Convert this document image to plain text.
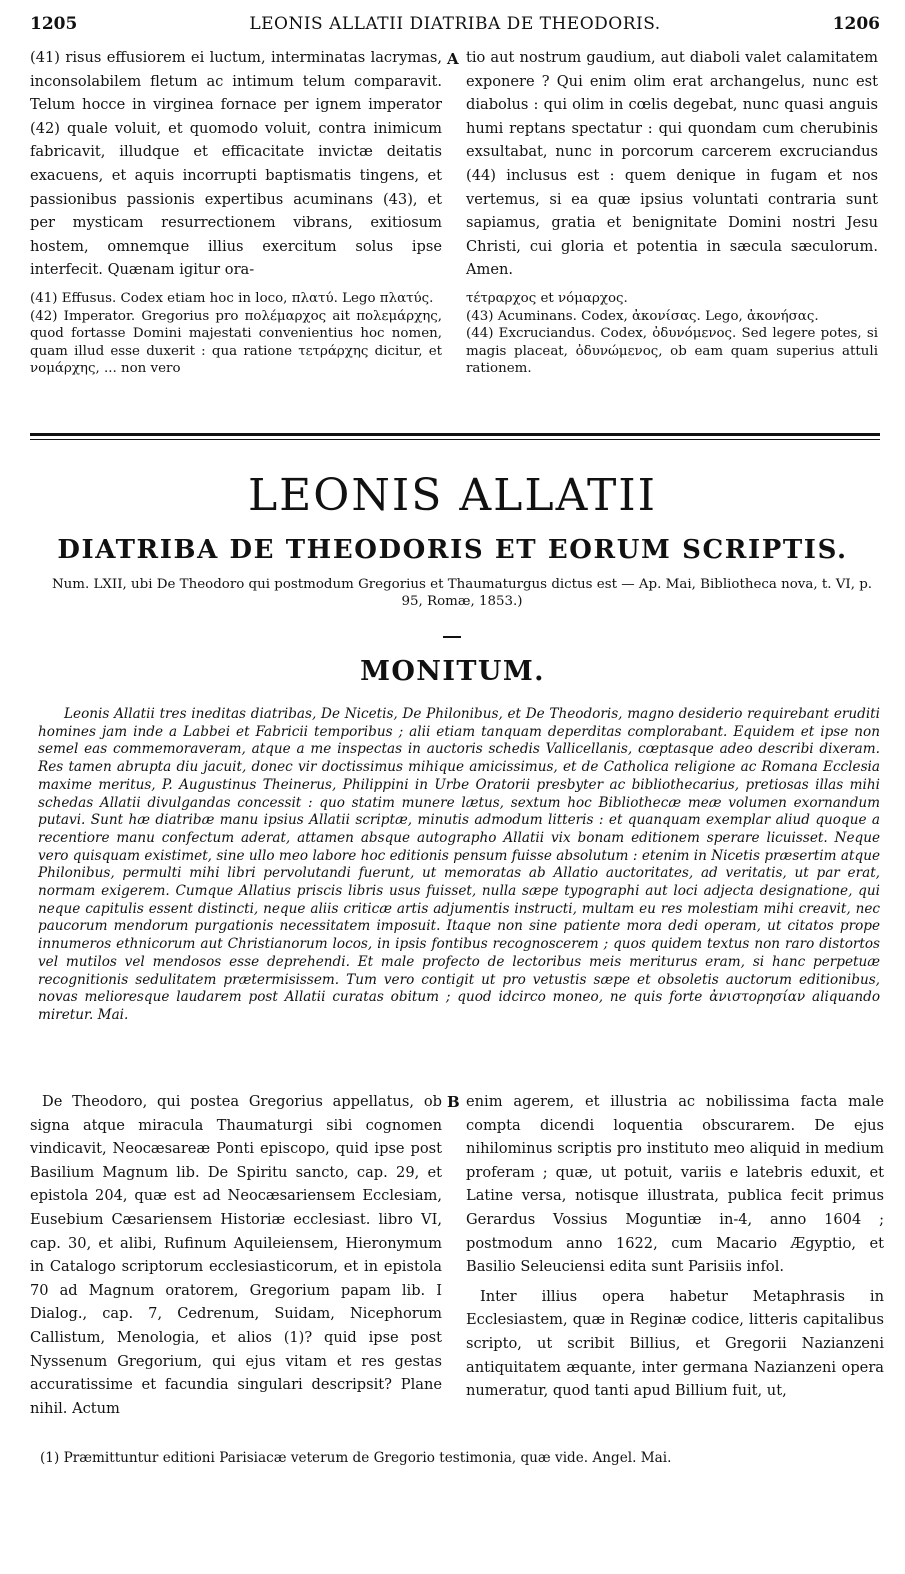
1205	LEONIS ALLATII DIATRIBA DE THEODORIS.	1206

(41) risus effusiorem ei luctum, interminatas lacrymas, inconsolabilem fletum ac intimum telum comparavit. Telum hocce in virginea fornace per ignem imperator (42) quale voluit, et quomodo voluit, contra inimicum fabricavit, illudque et efficacitate invictæ deitatis exacuens, et aquis incorrupti baptismatis tingens, et passionibus passionis expertibus acuminans (43), et per mysticam resurrectionem vibrans, exitiosum hostem, omnemque illius exercitum solus ipse interfecit. Quænam igitur ora-

(41) Effusus. Codex etiam hoc in loco, πλατύ. Lego πλατύς.

(42) Imperator. Gregorius pro πολέμαρχος ait πολεμάρχης, quod fortasse Domini majestati convenientius hoc nomen, quam illud esse duxerit : qua ratione τετράρχης dicitur, et νομάρχης, ... non vero

A tio aut nostrum gaudium, aut diaboli valet calamitatem exponere ? Qui enim olim erat archangelus, nunc est diabolus : qui olim in cœlis degebat, nunc quasi anguis humi reptans spectatur : qui quondam cum cherubinis exsultabat, nunc in porcorum carcerem excruciandus (44) inclusus est : quem denique in fugam et nos vertemus, si ea quæ ipsius voluntati contraria sunt sapiamus, gratia et benignitate Domini nostri Jesu Christi, cui gloria et potentia in sæcula sæculorum. Amen.

τέτραρχος et νόμαρχος.

(43) Acuminans. Codex, ἀκονίσας. Lego, ἀκονήσας.

(44) Excruciandus. Codex, ὀδυνόμενος. Sed legere potes, si magis placeat, ὀδυνώμενος, ob eam quam superius attuli rationem.

LEONIS ALLATII
DIATRIBA DE THEODORIS ET EORUM SCRIPTIS.
Num. LXII, ubi De Theodoro qui postmodum Gregorius et Thaumaturgus dictus est — Ap. Mai, Bibliotheca nova, t. VI, p. 95, Romæ, 1853.)
MONITUM.

Leonis Allatii tres ineditas diatribas, De Nicetis, De Philonibus, et De Theodoris, magno desiderio requirebant eruditi homines jam inde a Labbei et Fabricii temporibus ; alii etiam tanquam deperditas complorabant. Equidem et ipse non semel eas commemoraveram, atque a me inspectas in auctoris schedis Vallicellanis, cœptasque adeo describi dixeram. Res tamen abrupta diu jacuit, donec vir doctissimus mihique amicissimus, et de Catholica religione ac Romana Ecclesia maxime meritus, P. Augustinus Theinerus, Philippini in Urbe Oratorii presbyter ac bibliothecarius, pretiosas illas mihi schedas Allatii divulgandas concessit : quo statim munere lætus, sextum hoc Bibliothecæ meæ volumen exornandum putavi. Sunt hæ diatribæ manu ipsius Allatii scriptæ, minutis admodum litteris : et quanquam exemplar aliud quoque a recentiore manu confectum aderat, attamen absque autographo Allatii vix bonam editionem sperare licuisset. Neque vero quisquam existimet, sine ullo meo labore hoc editionis pensum fuisse absolutum : etenim in Nicetis præsertim atque Philonibus, permulti mihi libri pervolutandi fuerunt, ut memoratas ab Allatio auctoritates, ad veritatis, ut par erat, normam exigerem. Cumque Allatius priscis libris usus fuisset, nulla sæpe typographi aut loci adjecta designatione, qui neque capitulis essent distincti, neque aliis criticæ artis adjumentis instructi, multam eu res molestiam mihi creavit, nec paucorum mendorum purgationis necessitatem imposuit. Itaque non sine patiente mora dedi operam, ut citatos prope innumeros ethnicorum aut Christianorum locos, in ipsis fontibus recognoscerem ; quos quidem textus non raro distortos vel mutilos vel mendosos esse deprehendi. Et male profecto de lectoribus meis meriturus eram, si hanc perpetuæ recognitionis sedulitatem prætermisissem. Tum vero contigit ut pro vetustis sæpe et obsoletis auctorum editionibus, novas melioresque laudarem post Allatii curatas obitum ; quod idcirco moneo, ne quis forte ἀνιστορησίαν aliquando miretur. Mai.

De Theodoro, qui postea Gregorius appellatus, ob signa atque miracula Thaumaturgi sibi cognomen vindicavit, Neocæsareæ Ponti episcopo, quid ipse post Basilium Magnum lib. De Spiritu sancto, cap. 29, et epistola 204, quæ est ad Neocæsariensem Ecclesiam, Eusebium Cæsariensem Historiæ ecclesiast. libro VI, cap. 30, et alibi, Rufinum Aquileiensem, Hieronymum in Catalogo scriptorum ecclesiasticorum, et in epistola 70 ad Magnum oratorem, Gregorium papam lib. I Dialog., cap. 7, Cedrenum, Suidam, Nicephorum Callistum, Menologia, et alios (1)? quid ipse post Nyssenum Gregorium, qui ejus vitam et res gestas accuratissime et facundia singulari descripsit? Plane nihil. Actum

B enim agerem, et illustria ac nobilissima facta male compta dicendi loquentia obscurarem. De ejus nihilominus scriptis pro instituto meo aliquid in medium proferam ; quæ, ut potuit, variis e latebris eduxit, et Latine versa, notisque illustrata, publica fecit primus Gerardus Vossius Moguntiæ in-4, anno 1604 ; postmodum anno 1622, cum Macario Ægyptio, et Basilio Seleuciensi edita sunt Parisiis infol.

Inter illius opera habetur Metaphrasis in Ecclesiastem, quæ in Reginæ codice, litteris capitalibus scripto, ut scribit Billius, et Gregorii Nazianzeni antiquitatem æquante, inter germana Nazianzeni opera numeratur, quod tanti apud Billium fuit, ut,

(1) Præmittuntur editioni Parisiacæ veterum de Gregorio testimonia, quæ vide. Angel. Mai.
